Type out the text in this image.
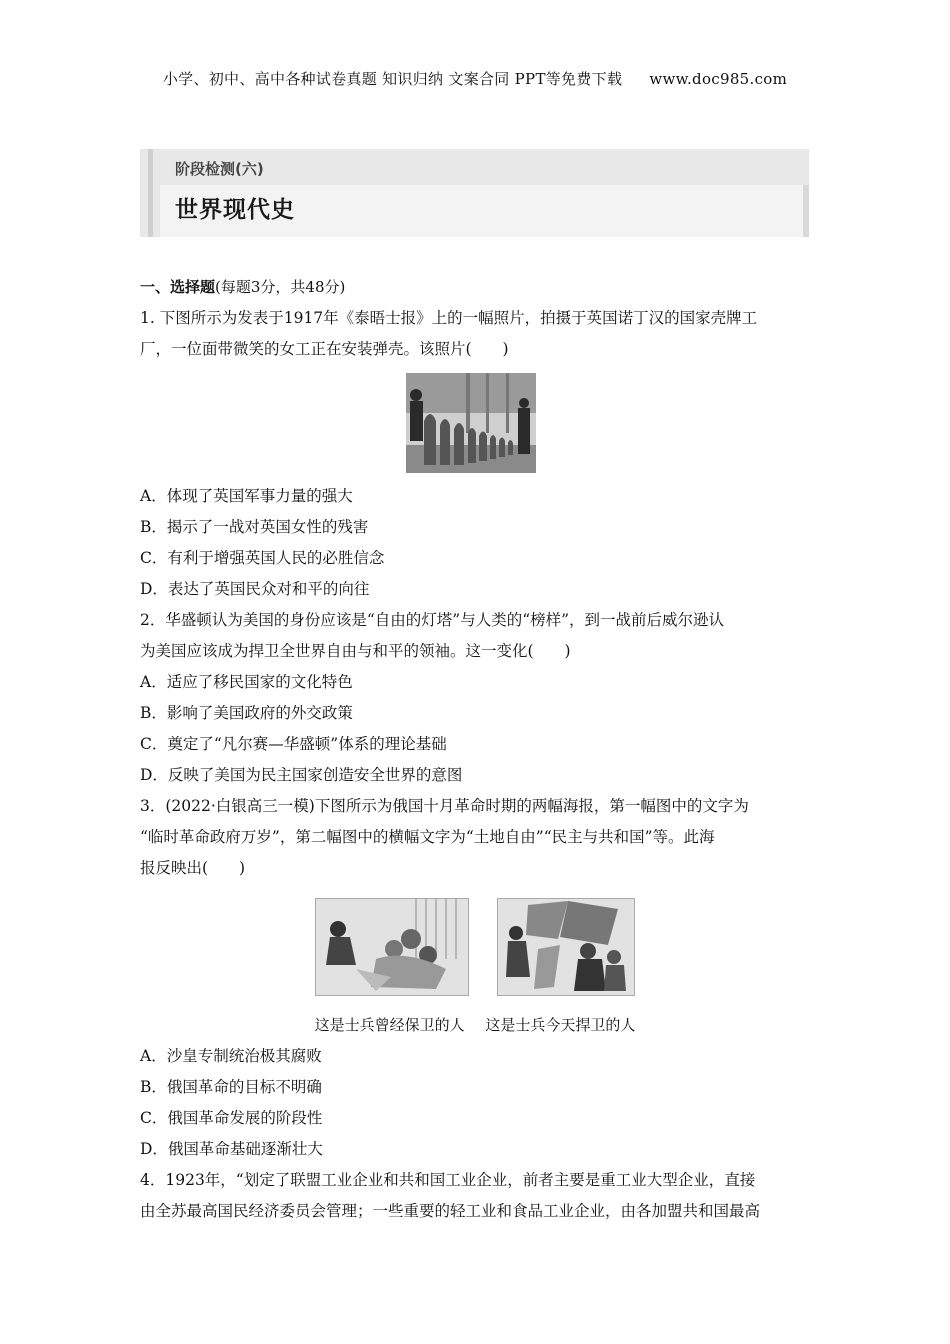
小学、初中、高中各种试卷真题 知识归纳 文案合同 PPT等免费下载 www.doc985.com
阶段检测(六)
世界现代史
一、选择题(每题3分，共48分)
1. 下图所示为发表于1917年《泰晤士报》上的一幅照片，拍摄于英国诺丁汉的国家壳牌工
厂，一位面带微笑的女工正在安装弹壳。该照片(　　)
A．体现了英国军事力量的强大
B．揭示了一战对英国女性的残害
C．有利于增强英国人民的必胜信念
D．表达了英国民众对和平的向往
2．华盛顿认为美国的身份应该是“自由的灯塔”与人类的“榜样”，到一战前后威尔逊认
为美国应该成为捍卫全世界自由与和平的领袖。这一变化(　　)
A．适应了移民国家的文化特色
B．影响了美国政府的外交政策
C．奠定了“凡尔赛—华盛顿”体系的理论基础
D．反映了美国为民主国家创造安全世界的意图
3．(2022·白银高三一模)下图所示为俄国十月革命时期的两幅海报，第一幅图中的文字为
“临时革命政府万岁”，第二幅图中的横幅文字为“土地自由”“民主与共和国”等。此海
报反映出(　　)
这是士兵曾经保卫的人 这是士兵今天捍卫的人
A．沙皇专制统治极其腐败
B．俄国革命的目标不明确
C．俄国革命发展的阶段性
D．俄国革命基础逐渐壮大
4．1923年，“划定了联盟工业企业和共和国工业企业，前者主要是重工业大型企业，直接
由全苏最高国民经济委员会管理；一些重要的轻工业和食品工业企业，由各加盟共和国最高
